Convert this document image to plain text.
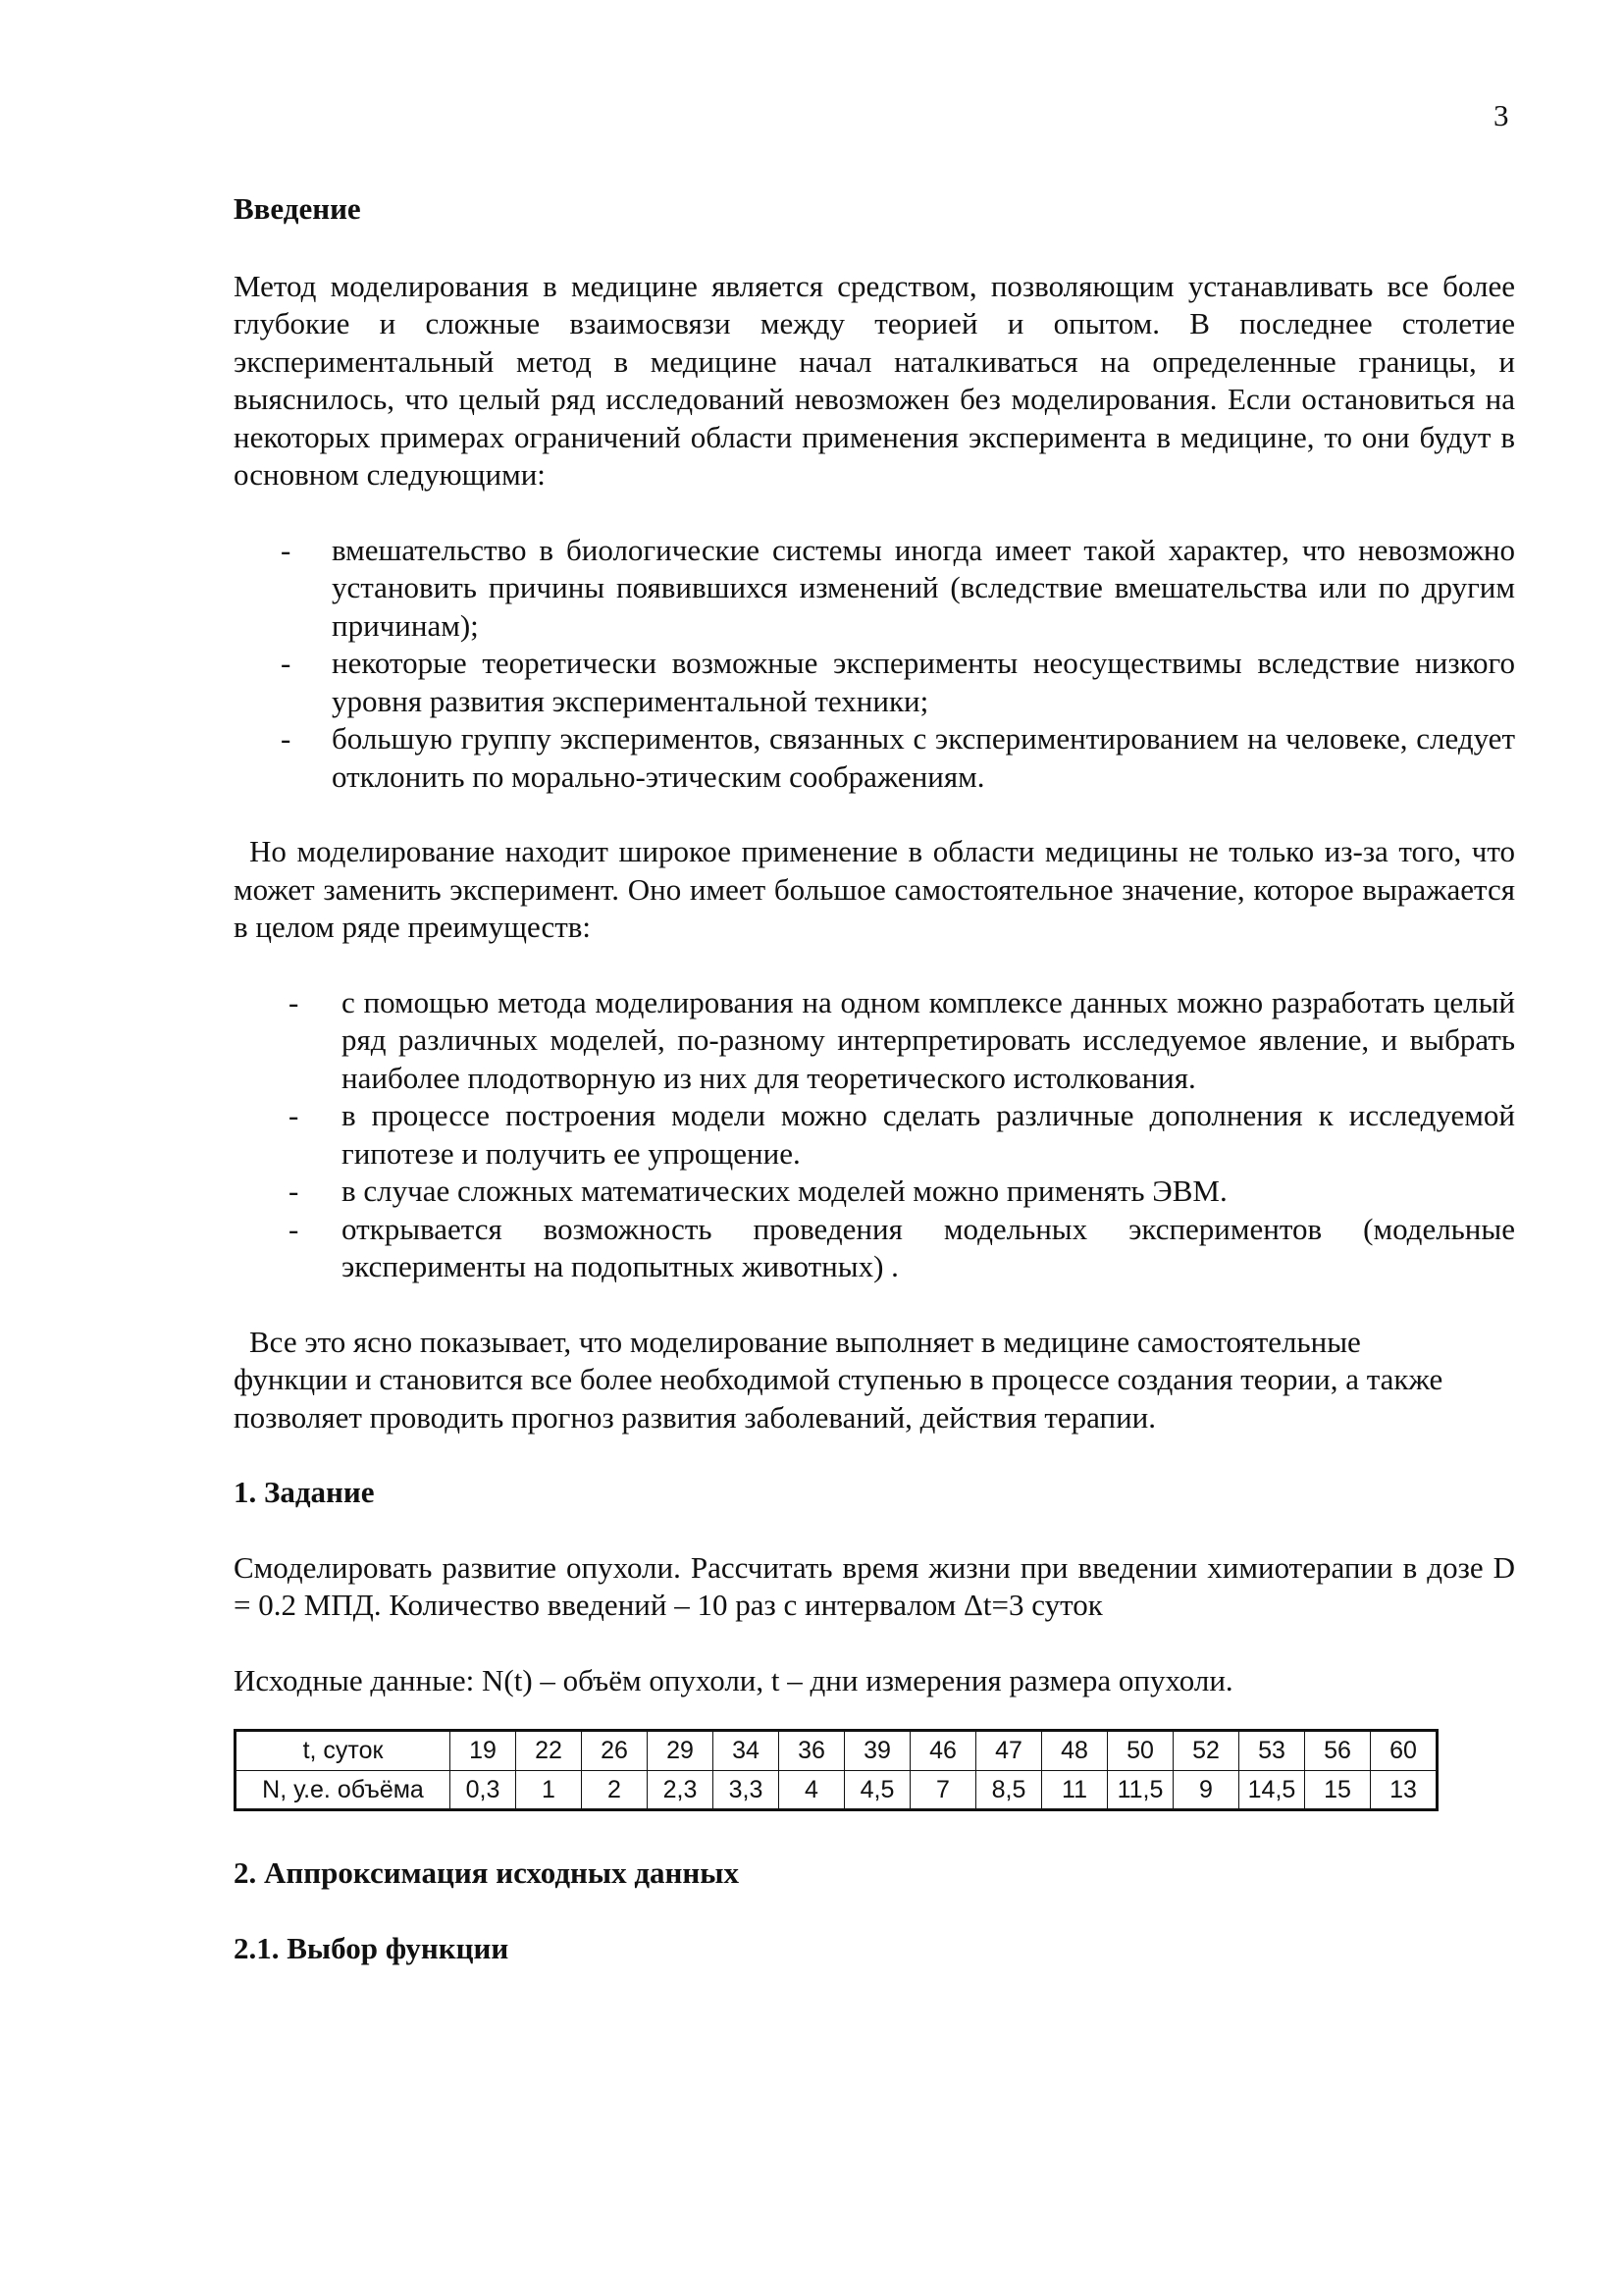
3
Введение

Метод моделирования в медицине является средством, позволяющим устанавливать все более глубокие и сложные взаимосвязи между теорией и опытом. В последнее столетие экспериментальный метод в медицине начал наталкиваться на определенные границы, и выяснилось, что целый ряд исследований невозможен без моделирования. Если остановиться на некоторых примерах ограничений области применения эксперимента в медицине, то они будут в основном следующими:

- вмешательство в биологические системы иногда имеет такой характер, что невозможно установить причины появившихся изменений (вследствие вмешательства или по другим причинам);
- некоторые теоретически возможные эксперименты неосуществимы вследствие низкого уровня развития экспериментальной техники;
- большую группу экспериментов, связанных с экспериментированием на человеке, следует отклонить по морально-этическим соображениям.

Но моделирование находит широкое применение в области медицины не только из-за того, что может заменить эксперимент. Оно имеет большое самостоятельное значение, которое выражается в целом ряде преимуществ:

- с помощью метода моделирования на одном комплексе данных можно разработать целый ряд различных моделей, по-разному интерпретировать исследуемое явление, и выбрать наиболее плодотворную из них для теоретического истолкования.
- в процессе построения модели можно сделать различные дополнения к исследуемой гипотезе и получить ее упрощение.
- в случае сложных математических моделей можно применять ЭВМ.
- открывается возможность проведения модельных экспериментов (модельные эксперименты на подопытных животных) .

Все это ясно показывает, что моделирование выполняет в медицине самостоятельные функции и становится все более необходимой ступенью в процессе создания теории, а также позволяет проводить прогноз развития заболеваний, действия терапии.

1. Задание

Смоделировать развитие опухоли. Рассчитать время жизни при введении химиотерапии в дозе D = 0.2 МПД. Количество введений – 10 раз с интервалом Δt=3 суток

Исходные данные: N(t) – объём опухоли, t – дни измерения размера опухоли.

t, суток	19	22	26	29	34	36	39	46	47	48	50	52	53	56	60
N, у.е. объёма	0,3	1	2	2,3	3,3	4	4,5	7	8,5	11	11,5	9	14,5	15	13
2. Аппроксимация исходных данных
2.1. Выбор функции
